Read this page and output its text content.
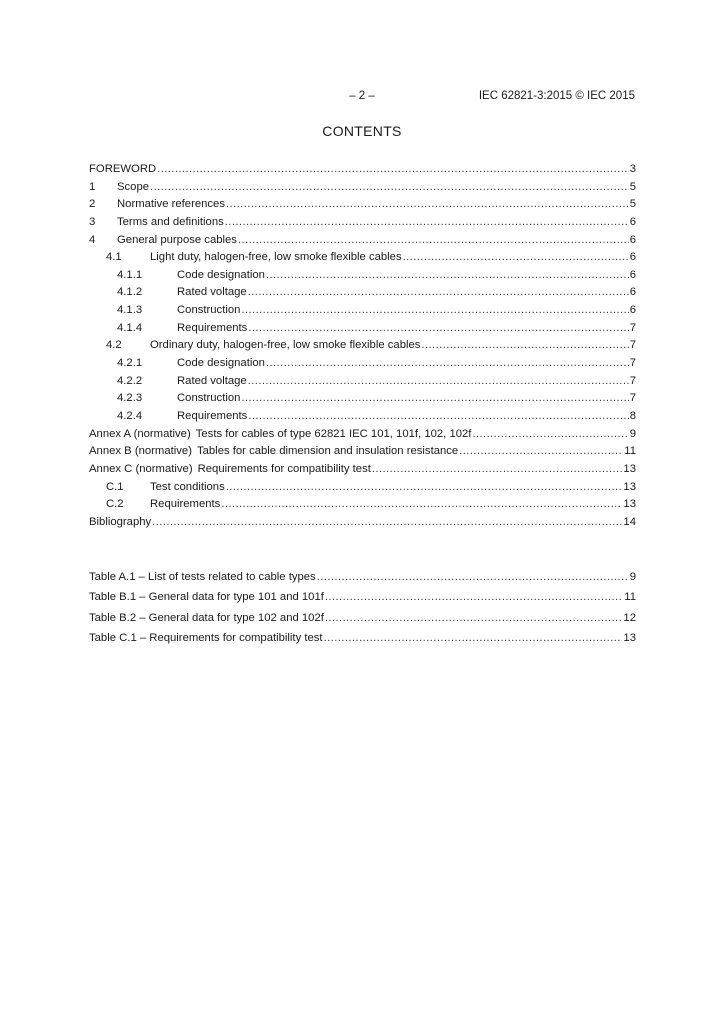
– 2 –	IEC 62821-3:2015 © IEC 2015
CONTENTS
FOREWORD .....	3
1	Scope .....	5
2	Normative references .....	5
3	Terms and definitions .....	6
4	General purpose cables .....	6
4.1	Light duty, halogen-free, low smoke flexible cables .....	6
4.1.1	Code designation .....	6
4.1.2	Rated voltage .....	6
4.1.3	Construction .....	6
4.1.4	Requirements .....	7
4.2	Ordinary duty, halogen-free, low smoke flexible cables .....	7
4.2.1	Code designation .....	7
4.2.2	Rated voltage .....	7
4.2.3	Construction .....	7
4.2.4	Requirements .....	8
Annex A (normative) Tests for cables of type 62821 IEC 101, 101f, 102, 102f .....	9
Annex B (normative) Tables for cable dimension and insulation resistance .....	11
Annex C (normative) Requirements for compatibility test .....	13
C.1	Test conditions .....	13
C.2	Requirements .....	13
Bibliography .....	14
Table A.1 – List of tests related to cable types .....	9
Table B.1 – General data for type 101 and 101f .....	11
Table B.2 – General data for type 102 and 102f .....	12
Table C.1 – Requirements for compatibility test .....	13
